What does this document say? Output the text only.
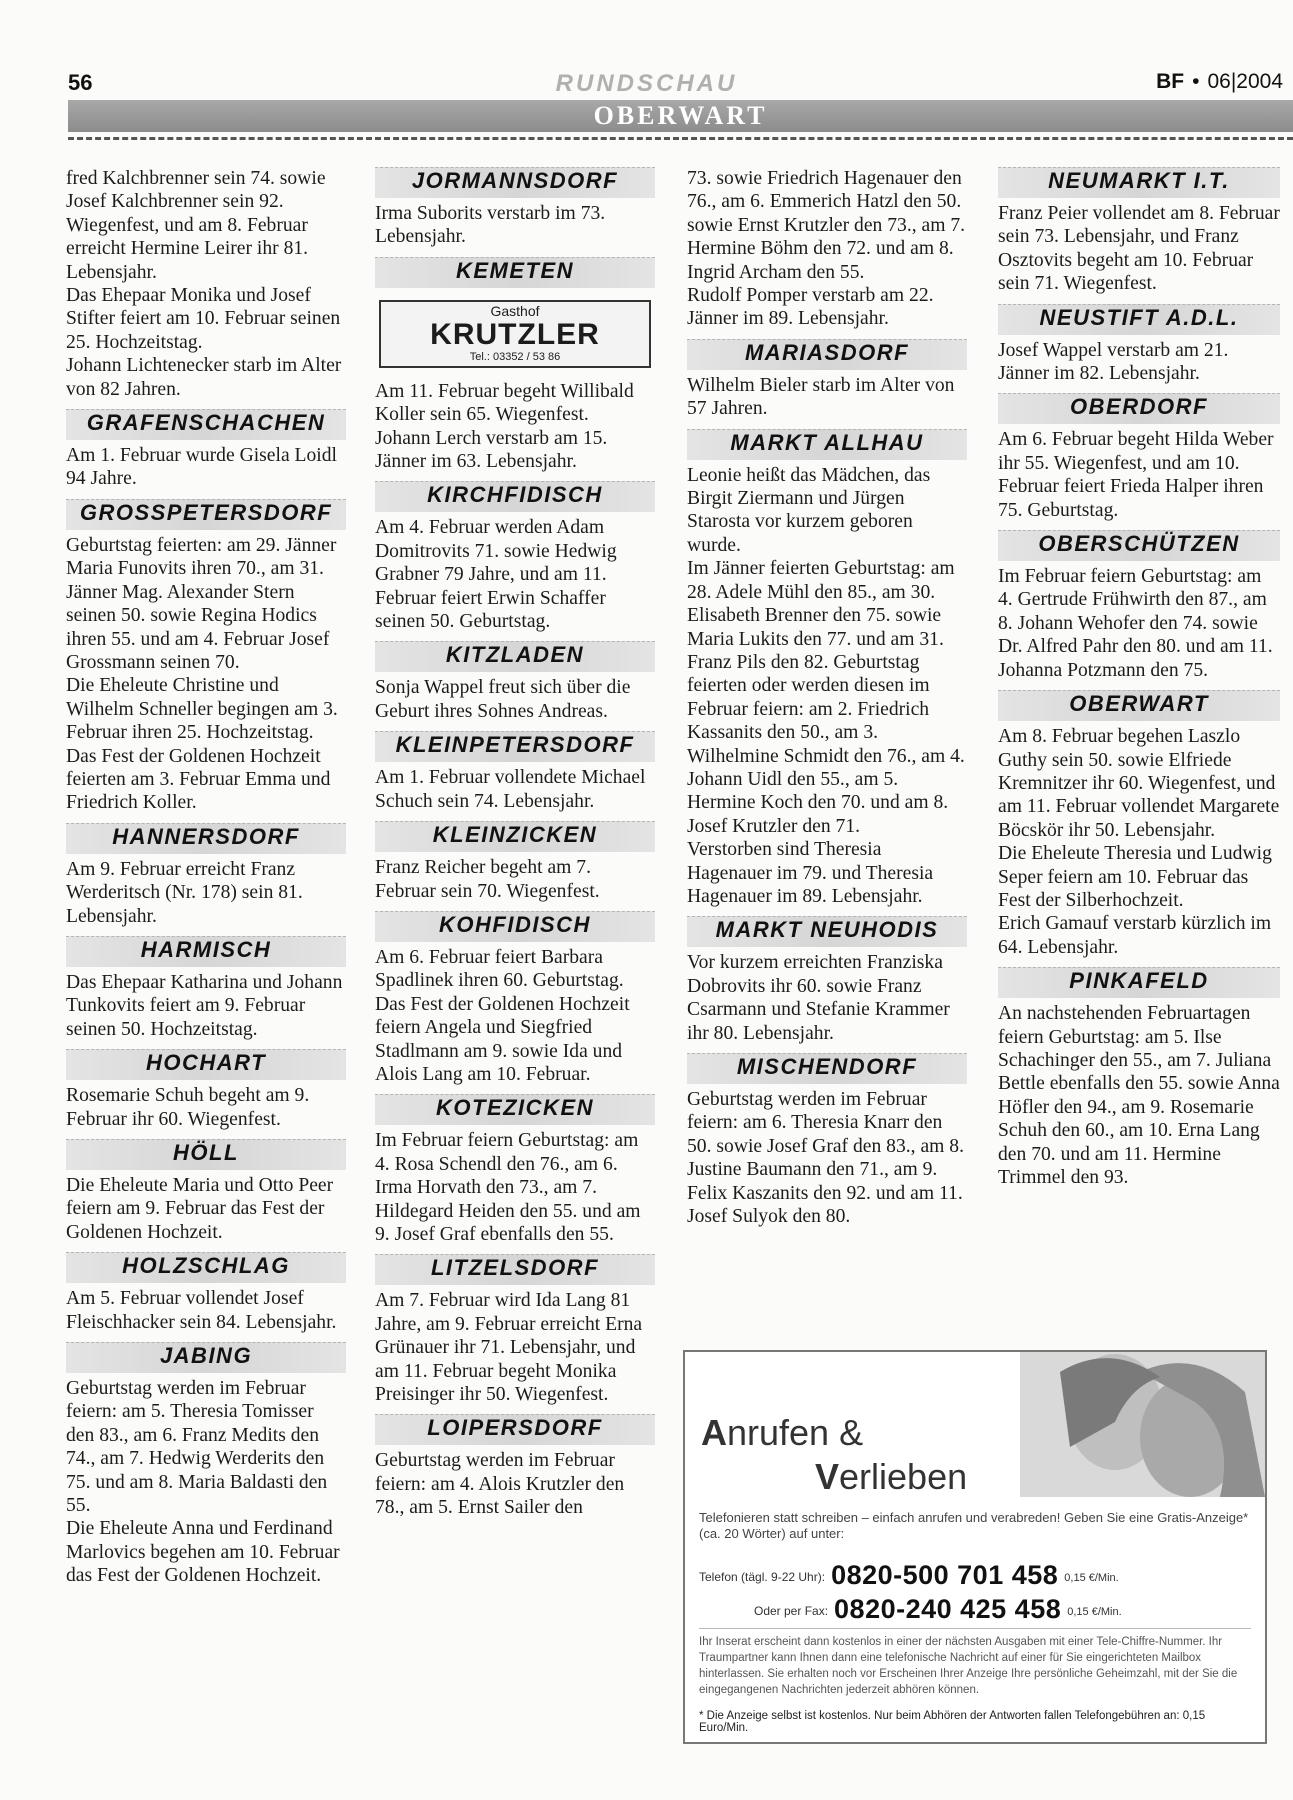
56	RUNDSCHAU	BF • 06|2004
OBERWART

fred Kalchbrenner sein 74. sowie Josef Kalchbrenner sein 92. Wiegenfest, und am 8. Februar erreicht Hermine Leirer ihr 81. Lebensjahr.

Das Ehepaar Monika und Josef Stifter feiert am 10. Februar seinen 25. Hochzeitstag.

Johann Lichtenecker starb im Alter von 82 Jahren.

GRAFENSCHACHEN

Am 1. Februar wurde Gisela Loidl 94 Jahre.

GROSSPETERSDORF

Geburtstag feierten: am 29. Jänner Maria Funovits ihren 70., am 31. Jänner Mag. Alexander Stern seinen 50. sowie Regina Hodics ihren 55. und am 4. Februar Josef Grossmann seinen 70.

Die Eheleute Christine und Wilhelm Schneller begingen am 3. Februar ihren 25. Hochzeitstag.

Das Fest der Goldenen Hochzeit feierten am 3. Februar Emma und Friedrich Koller.

HANNERSDORF

Am 9. Februar erreicht Franz Werderitsch (Nr. 178) sein 81. Lebensjahr.

HARMISCH

Das Ehepaar Katharina und Johann Tunkovits feiert am 9. Februar seinen 50. Hochzeitstag.

HOCHART

Rosemarie Schuh begeht am 9. Februar ihr 60. Wiegenfest.

HÖLL

Die Eheleute Maria und Otto Peer feiern am 9. Februar das Fest der Goldenen Hochzeit.

HOLZSCHLAG

Am 5. Februar vollendet Josef Fleischhacker sein 84. Lebensjahr.

JABING

Geburtstag werden im Februar feiern: am 5. Theresia Tomisser den 83., am 6. Franz Medits den 74., am 7. Hedwig Werderits den 75. und am 8. Maria Baldasti den 55.

Die Eheleute Anna und Ferdinand Marlovics begehen am 10. Februar das Fest der Goldenen Hochzeit.

JORMANNSDORF

Irma Suborits verstarb im 73. Lebensjahr.

KEMETEN
Gasthof
KRUTZLER
Tel.: 03352 / 53 86

Am 11. Februar begeht Willibald Koller sein 65. Wiegenfest.

Johann Lerch verstarb am 15. Jänner im 63. Lebensjahr.

KIRCHFIDISCH

Am 4. Februar werden Adam Domitrovits 71. sowie Hedwig Grabner 79 Jahre, und am 11. Februar feiert Erwin Schaffer seinen 50. Geburtstag.

KITZLADEN

Sonja Wappel freut sich über die Geburt ihres Sohnes Andreas.

KLEINPETERSDORF

Am 1. Februar vollendete Michael Schuch sein 74. Lebensjahr.

KLEINZICKEN

Franz Reicher begeht am 7. Februar sein 70. Wiegenfest.

KOHFIDISCH

Am 6. Februar feiert Barbara Spadlinek ihren 60. Geburtstag.

Das Fest der Goldenen Hochzeit feiern Angela und Siegfried Stadlmann am 9. sowie Ida und Alois Lang am 10. Februar.

KOTEZICKEN

Im Februar feiern Geburtstag: am 4. Rosa Schendl den 76., am 6. Irma Horvath den 73., am 7. Hildegard Heiden den 55. und am 9. Josef Graf ebenfalls den 55.

LITZELSDORF

Am 7. Februar wird Ida Lang 81 Jahre, am 9. Februar erreicht Erna Grünauer ihr 71. Lebensjahr, und am 11. Februar begeht Monika Preisinger ihr 50. Wiegenfest.

LOIPERSDORF

Geburtstag werden im Februar feiern: am 4. Alois Krutzler den 78., am 5. Ernst Sailer den

73. sowie Friedrich Hagenauer den 76., am 6. Emmerich Hatzl den 50. sowie Ernst Krutzler den 73., am 7. Hermine Böhm den 72. und am 8. Ingrid Archam den 55.

Rudolf Pomper verstarb am 22. Jänner im 89. Lebensjahr.

MARIASDORF

Wilhelm Bieler starb im Alter von 57 Jahren.

MARKT ALLHAU

Leonie heißt das Mädchen, das Birgit Ziermann und Jürgen Starosta vor kurzem geboren wurde.

Im Jänner feierten Geburtstag: am 28. Adele Mühl den 85., am 30. Elisabeth Brenner den 75. sowie Maria Lukits den 77. und am 31. Franz Pils den 82. Geburtstag feierten oder werden diesen im Februar feiern: am 2. Friedrich Kassanits den 50., am 3. Wilhelmine Schmidt den 76., am 4. Johann Uidl den 55., am 5. Hermine Koch den 70. und am 8. Josef Krutzler den 71.

Verstorben sind Theresia Hagenauer im 79. und Theresia Hagenauer im 89. Lebensjahr.

MARKT NEUHODIS

Vor kurzem erreichten Franziska Dobrovits ihr 60. sowie Franz Csarmann und Stefanie Krammer ihr 80. Lebensjahr.

MISCHENDORF

Geburtstag werden im Februar feiern: am 6. Theresia Knarr den 50. sowie Josef Graf den 83., am 8. Justine Baumann den 71., am 9. Felix Kaszanits den 92. und am 11. Josef Sulyok den 80.

NEUMARKT I.T.

Franz Peier vollendet am 8. Februar sein 73. Lebensjahr, und Franz Osztovits begeht am 10. Februar sein 71. Wiegenfest.

NEUSTIFT A.D.L.

Josef Wappel verstarb am 21. Jänner im 82. Lebensjahr.

OBERDORF

Am 6. Februar begeht Hilda Weber ihr 55. Wiegenfest, und am 10. Februar feiert Frieda Halper ihren 75. Geburtstag.

OBERSCHÜTZEN

Im Februar feiern Geburtstag: am 4. Gertrude Frühwirth den 87., am 8. Johann Wehofer den 74. sowie Dr. Alfred Pahr den 80. und am 11. Johanna Potzmann den 75.

OBERWART

Am 8. Februar begehen Laszlo Guthy sein 50. sowie Elfriede Kremnitzer ihr 60. Wiegenfest, und am 11. Februar vollendet Margarete Böcskör ihr 50. Lebensjahr.

Die Eheleute Theresia und Ludwig Seper feiern am 10. Februar das Fest der Silberhochzeit.

Erich Gamauf verstarb kürzlich im 64. Lebensjahr.

PINKAFELD

An nachstehenden Februartagen feiern Geburtstag: am 5. Ilse Schachinger den 55., am 7. Juliana Bettle ebenfalls den 55. sowie Anna Höfler den 94., am 9. Rosemarie Schuh den 60., am 10. Erna Lang den 70. und am 11. Hermine Trimmel den 93.

Anrufen &
Verlieben
Telefonieren statt schreiben – einfach anrufen und verabreden! Geben Sie eine Gratis-Anzeige* (ca. 20 Wörter) auf unter:
Telefon (tägl. 9-22 Uhr): 0820-500 701 458 0,15 €/Min.
Oder per Fax: 0820-240 425 458 0,15 €/Min.
Ihr Inserat erscheint dann kostenlos in einer der nächsten Ausgaben mit einer Tele-Chiffre-Nummer. Ihr Traumpartner kann Ihnen dann eine telefonische Nachricht auf einer für Sie eingerichteten Mailbox hinterlassen. Sie erhalten noch vor Erscheinen Ihrer Anzeige Ihre persönliche Geheimzahl, mit der Sie die eingegangenen Nachrichten jederzeit abhören können.
* Die Anzeige selbst ist kostenlos. Nur beim Abhören der Antworten fallen Telefongebühren an: 0,15 Euro/Min.
